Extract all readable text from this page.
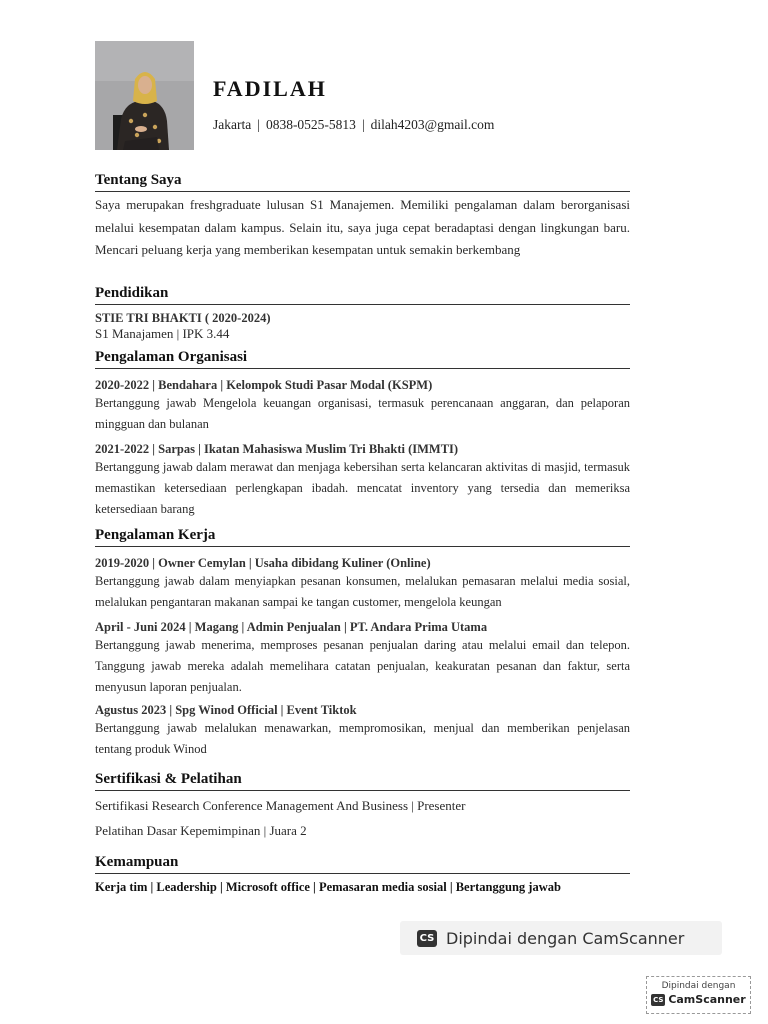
FADILAH
Jakarta | 0838-0525-5813 | dilah4203@gmail.com
Tentang Saya
Saya merupakan freshgraduate lulusan S1 Manajemen. Memiliki pengalaman dalam berorganisasi melalui kesempatan dalam kampus. Selain itu, saya juga cepat beradaptasi dengan lingkungan baru. Mencari peluang kerja yang memberikan kesempatan untuk semakin berkembang
Pendidikan
STIE TRI BHAKTI ( 2020-2024)
S1 Manajamen | IPK 3.44
Pengalaman Organisasi
2020-2022 | Bendahara | Kelompok Studi Pasar Modal (KSPM)
Bertanggung jawab Mengelola keuangan organisasi, termasuk perencanaan anggaran, dan pelaporan mingguan dan bulanan
2021-2022 | Sarpas | Ikatan Mahasiswa Muslim Tri Bhakti (IMMTI)
Bertanggung jawab dalam merawat dan menjaga kebersihan serta kelancaran aktivitas di masjid, termasuk memastikan ketersediaan perlengkapan ibadah. mencatat inventory yang tersedia dan memeriksa ketersediaan barang
Pengalaman Kerja
2019-2020 | Owner Cemylan | Usaha dibidang Kuliner (Online)
Bertanggung jawab dalam menyiapkan pesanan konsumen, melalukan pemasaran melalui media sosial, melalukan pengantaran makanan sampai ke tangan customer, mengelola keungan
April - Juni 2024 | Magang | Admin Penjualan | PT. Andara Prima Utama
Bertanggung jawab menerima, memproses pesanan penjualan daring atau melalui email dan telepon. Tanggung jawab mereka adalah memelihara catatan penjualan, keakuratan pesanan dan faktur, serta menyusun laporan penjualan.
Agustus 2023 | Spg Winod Official | Event Tiktok
Bertanggung jawab melalukan menawarkan, mempromosikan, menjual dan memberikan penjelasan tentang produk Winod
Sertifikasi & Pelatihan
Sertifikasi Research Conference Management And Business | Presenter
Pelatihan Dasar Kepemimpinan | Juara 2
Kemampuan
Kerja tim | Leadership | Microsoft office | Pemasaran media sosial | Bertanggung jawab
CS Dipindai dengan CamScanner
Dipindai dengan
CS CamScanner
